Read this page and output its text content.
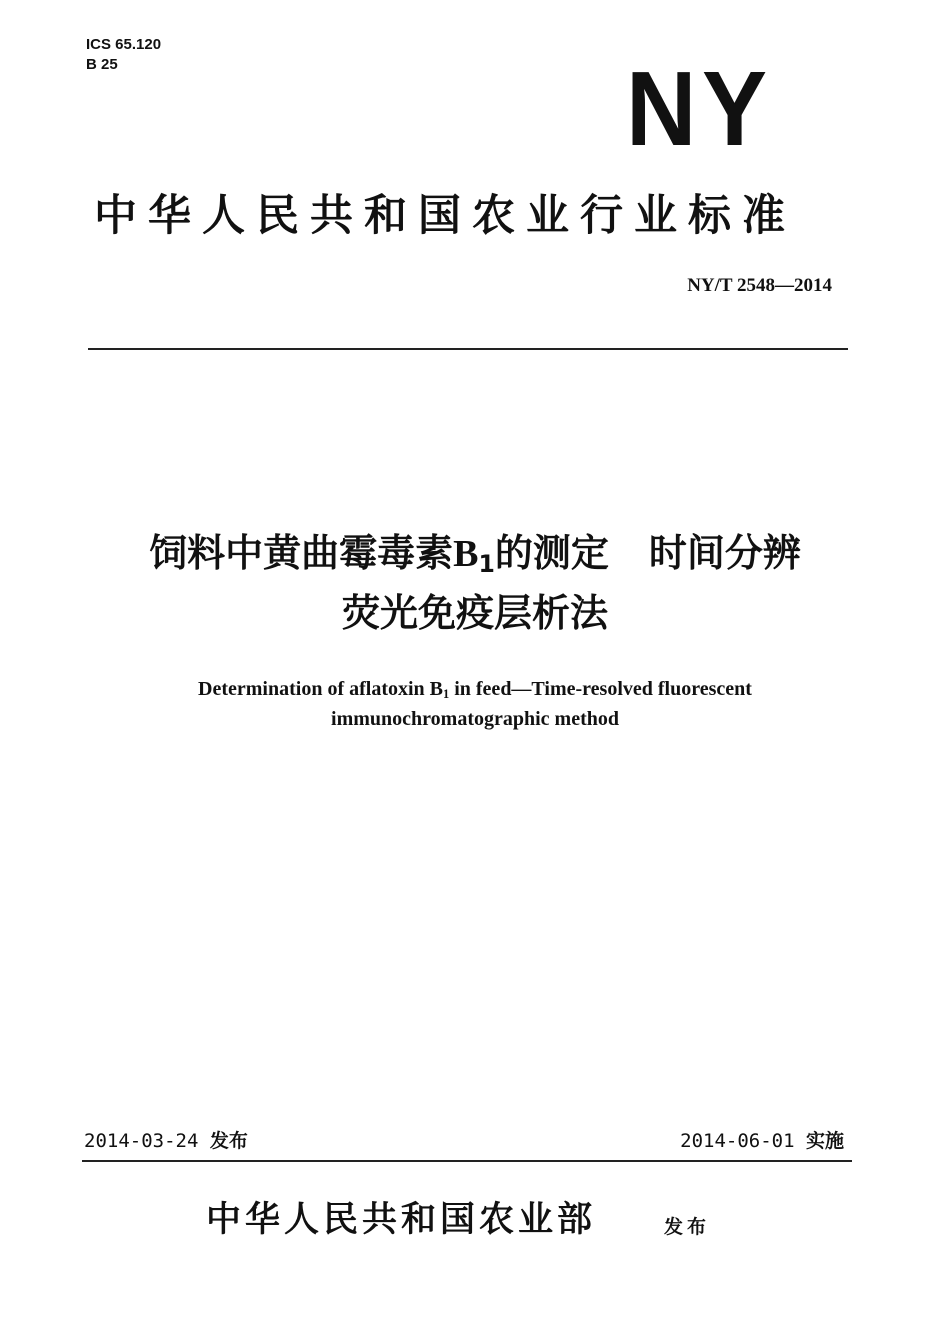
ICS 65.120
B 25	NY
中华人民共和国农业行业标准
NY/T 2548—2014
饲料中黄曲霉毒素$B_1$的测定 时间分辨
荧光免疫层析法
Determination of aflatoxin $B_1$ in feed—Time-resolved fluorescent
immunochromatographic method
2014-03-24 发布	2014-06-01 实施
中华人民共和国农业部	发布
